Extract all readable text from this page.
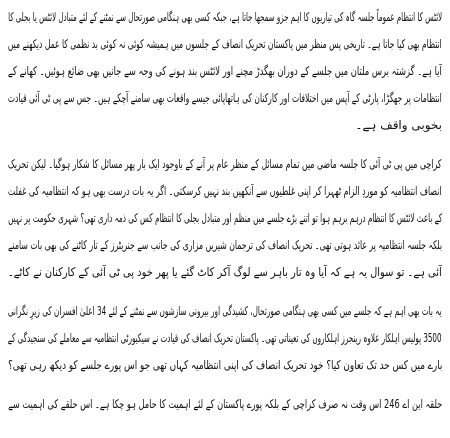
لائٹس کا انتظام عموماً جلسہ گاہ کی تیاریوں کا اہم جزو سمجھا جاتا ہے، جبکہ کسی بھی ہنگامی صورتحال سے نمٹنے کے لئے متبادل لائٹس یا بجلی کا
انتظام بھی کیا جاتا ہے۔ تاریخی پس منظر میں پاکستان تحریک انصاف کے جلسوں میں ہمیشہ کوئی نہ کوئی بد نظمی کا عمل دیکھنے میں
آیا ہے۔ گزشتہ برس ملتان میں جلسے کے دوران بھگدڑ مچنے اور لائٹس بند ہونے کی وجہ سے جانیں بھی ضائع ہوئیں۔ کھانے کے
انتظامات پر جھگڑا، پارٹی کے آپس میں اختلافات اور کارکنان کی ہاتھاپائی جیسے واقعات بھی سامنے آچکے ہیں۔ جس سے پی ٹی آئی قیادت
بخوبی واقف ہے۔
کراچی میں پی ٹی آئی کا جلسہ ماضی میں تمام مسائل کے منظر عام پر آنے کے باوجود ایک بار پھر مسائل کا شکار ہوگیا۔ لیکن تحریک
انصاف انتظامیہ کو موردِ الزام ٹھہرا کر اپنی غلطیوں سے آنکھیں بند نہیں کرسکتی۔ اگر یہ بات درست بھی ہو کہ انتظامیہ کی غفلت
کے باعث لائٹس کا انتظام درہم برہم ہوا تو اتنے بڑے جلسے میں منظم اور متبادل بجلی کا انتظام کس کی ذمہ داری تھی؟ شہری حکومت پر نہیں
بلکہ جلسہ انتظامیہ پر عائد ہوتی تھی۔ تحریک انصاف کی ترجمان شیریں مزاری کی جانب سے جنریٹرز کے تار کاٹنے کی بھی بات سامنے
آئی ہے۔ تو سوال یہ ہے کہ آیا وہ تار باہر سے لوگ آکر کاٹ گئے یا پھر خود پی ٹی آئی کے کارکنان نے کاٹے۔
یہ بات بھی اہم ہے کہ جلسے میں کسی بھی ہنگامی صورتحال، کشیدگی اور بیرونی سازشوں سے نمٹنے کے لئے 34 اعلیٰ افسران کی زیرِ نگرانی
3500 پولیس اہلکار علاوہ رینجرز اہلکاروں کی تعیناتی تھی۔ پاکستان تحریک انصاف کی قیادت نے سیکیورٹی انتظامیہ سے معاملے کی سنجیدگی کے
بارے میں کس حد تک تعاون کیا؟ خود تحریک انصاف کی اپنی انتظامیہ کہاں تھی جو اس پورے جلسے کو دیکھ رہی تھی؟
حلقہ این اے 246 اس وقت نہ صرف کراچی کے بلکہ پورے پاکستان کے لئے اہمیت کا حامل ہو چکا ہے۔ اس حلقے کی اہمیت سے
